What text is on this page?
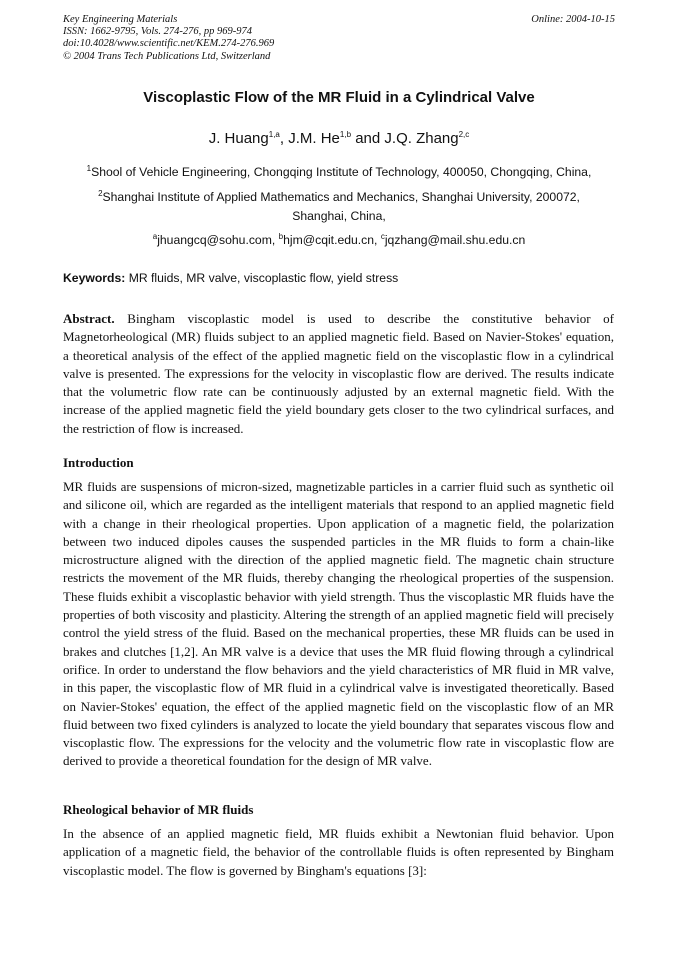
Key Engineering Materials
ISSN: 1662-9795, Vols. 274-276, pp 969-974
doi:10.4028/www.scientific.net/KEM.274-276.969
© 2004 Trans Tech Publications Ltd, Switzerland
Online: 2004-10-15
Viscoplastic Flow of the MR Fluid in a Cylindrical Valve
J. Huang$^{1,a}$, J.M. He$^{1,b}$ and J.Q. Zhang$^{2,c}$
$^1$Shool of Vehicle Engineering, Chongqing Institute of Technology, 400050, Chongqing, China,
$^2$Shanghai Institute of Applied Mathematics and Mechanics, Shanghai University, 200072,
Shanghai, China,
$^a$jhuangcq@sohu.com, $^b$hjm@cqit.edu.cn, $^c$jqzhang@mail.shu.edu.cn
Keywords: MR fluids, MR valve, viscoplastic flow, yield stress
Abstract. Bingham viscoplastic model is used to describe the constitutive behavior of Magnetorheological (MR) fluids subject to an applied magnetic field. Based on Navier-Stokes' equation, a theoretical analysis of the effect of the applied magnetic field on the viscoplastic flow in a cylindrical valve is presented. The expressions for the velocity in viscoplastic flow are derived. The results indicate that the volumetric flow rate can be continuously adjusted by an external magnetic field. With the increase of the applied magnetic field the yield boundary gets closer to the two cylindrical surfaces, and the restriction of flow is increased.
Introduction
MR fluids are suspensions of micron-sized, magnetizable particles in a carrier fluid such as synthetic oil and silicone oil, which are regarded as the intelligent materials that respond to an applied magnetic field with a change in their rheological properties. Upon application of a magnetic field, the polarization between two induced dipoles causes the suspended particles in the MR fluids to form a chain-like microstructure aligned with the direction of the applied magnetic field. The magnetic chain structure restricts the movement of the MR fluids, thereby changing the rheological properties of the suspension. These fluids exhibit a viscoplastic behavior with yield strength. Thus the viscoplastic MR fluids have the properties of both viscosity and plasticity. Altering the strength of an applied magnetic field will precisely control the yield stress of the fluid. Based on the mechanical properties, these MR fluids can be used in brakes and clutches [1,2]. An MR valve is a device that uses the MR fluid flowing through a cylindrical orifice. In order to understand the flow behaviors and the yield characteristics of MR fluid in MR valve, in this paper, the viscoplastic flow of MR fluid in a cylindrical valve is investigated theoretically. Based on Navier-Stokes' equation, the effect of the applied magnetic field on the viscoplastic flow of an MR fluid between two fixed cylinders is analyzed to locate the yield boundary that separates viscous flow and viscoplastic flow. The expressions for the velocity and the volumetric flow rate in viscoplastic flow are derived to provide a theoretical foundation for the design of MR valve.
Rheological behavior of MR fluids
In the absence of an applied magnetic field, MR fluids exhibit a Newtonian fluid behavior. Upon application of a magnetic field, the behavior of the controllable fluids is often represented by Bingham viscoplastic model. The flow is governed by Bingham's equations [3]:
